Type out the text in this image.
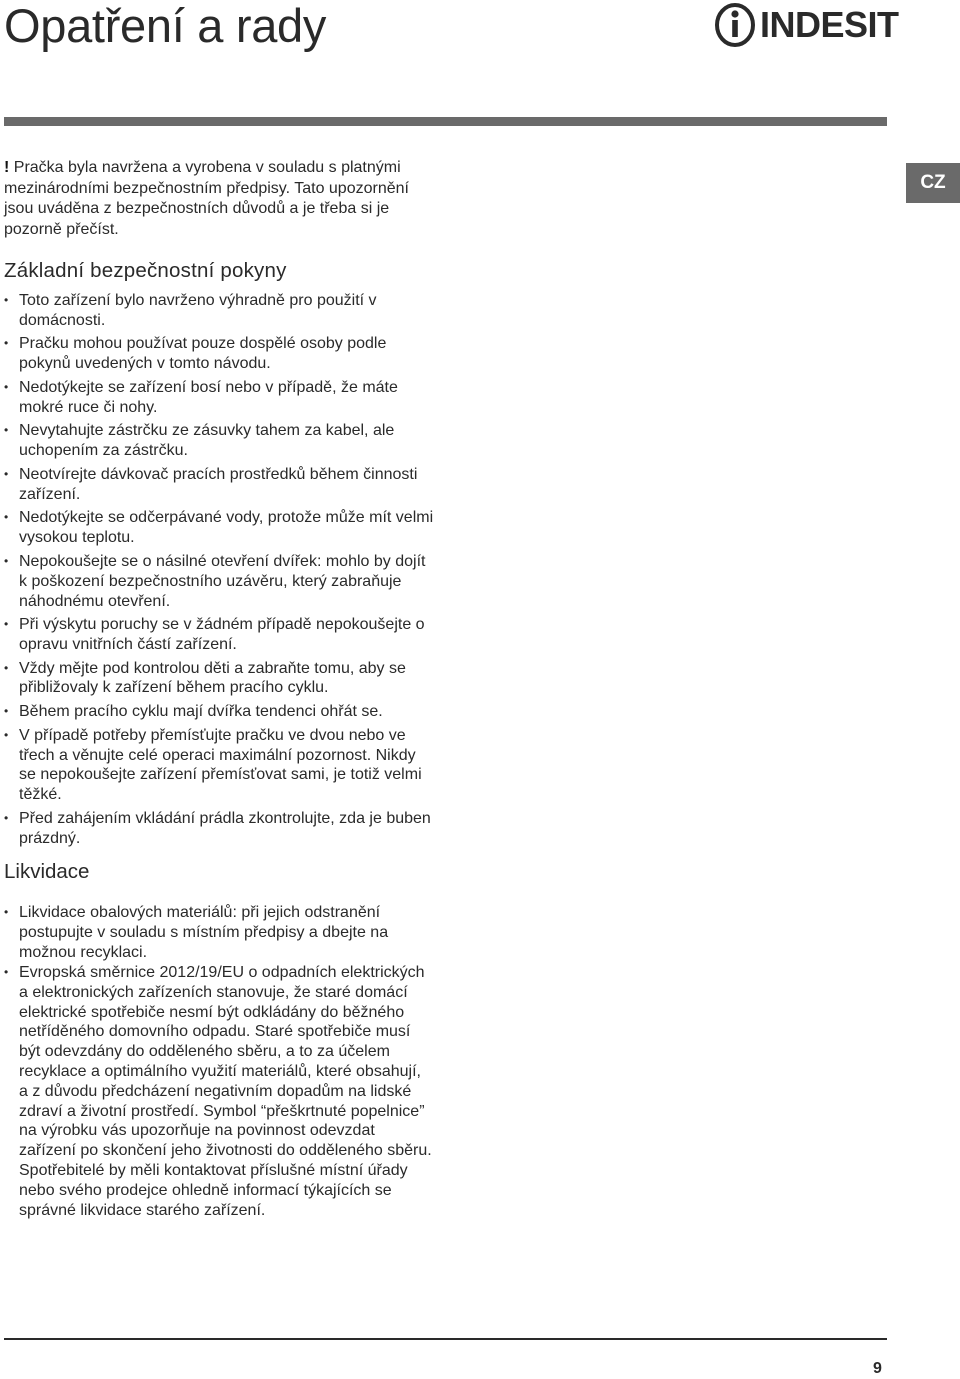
Opatření a rady	INDESIT
CZ

! Pračka byla navržena a vyrobena v souladu s platnými mezinárodními bezpečnostním předpisy. Tato upozornění jsou uváděna z bezpečnostních důvodů a je třeba si je pozorně přečíst.

Základní bezpečnostní pokyny
• Toto zařízení bylo navrženo výhradně pro použití v domácnosti.
• Pračku mohou používat pouze dospělé osoby podle pokynů uvedených v tomto návodu.
• Nedotýkejte se zařízení bosí nebo v případě, že máte mokré ruce či nohy.
• Nevytahujte zástrčku ze zásuvky tahem za kabel, ale uchopením za zástrčku.
• Neotvírejte dávkovač pracích prostředků během činnosti zařízení.
• Nedotýkejte se odčerpávané vody, protože může mít velmi vysokou teplotu.
• Nepokoušejte se o násilné otevření dvířek: mohlo by dojít k poškození bezpečnostního uzávěru, který zabraňuje náhodnému otevření.
• Při výskytu poruchy se v žádném případě nepokoušejte o opravu vnitřních částí zařízení.
• Vždy mějte pod kontrolou děti a zabraňte tomu, aby se přibližovaly k zařízení během pracího cyklu.
• Během pracího cyklu mají dvířka tendenci ohřát se.
• V případě potřeby přemísťujte pračku ve dvou nebo ve třech a věnujte celé operaci maximální pozornost. Nikdy se nepokoušejte zařízení přemísťovat sami, je totiž velmi těžké.
• Před zahájením vkládání prádla zkontrolujte, zda je buben prázdný.
Likvidace
• Likvidace obalových materiálů: při jejich odstranění postupujte v souladu s místním předpisy a dbejte na možnou recyklaci.
• Evropská směrnice 2012/19/EU o odpadních elektrických a elektronických zařízeních stanovuje, že staré domácí elektrické spotřebiče nesmí být odkládány do běžného netříděného domovního odpadu. Staré spotřebiče musí být odevzdány do odděleného sběru, a to za účelem recyklace a optimálního využití materiálů, které obsahují, a z důvodu předcházení negativním dopadům na lidské zdraví a životní prostředí. Symbol “přeškrtnuté popelnice” na výrobku vás upozorňuje na povinnost odevzdat zařízení po skončení jeho životnosti do odděleného sběru. Spotřebitelé by měli kontaktovat příslušné místní úřady nebo svého prodejce ohledně informací týkajících se správné likvidace starého zařízení.
9
